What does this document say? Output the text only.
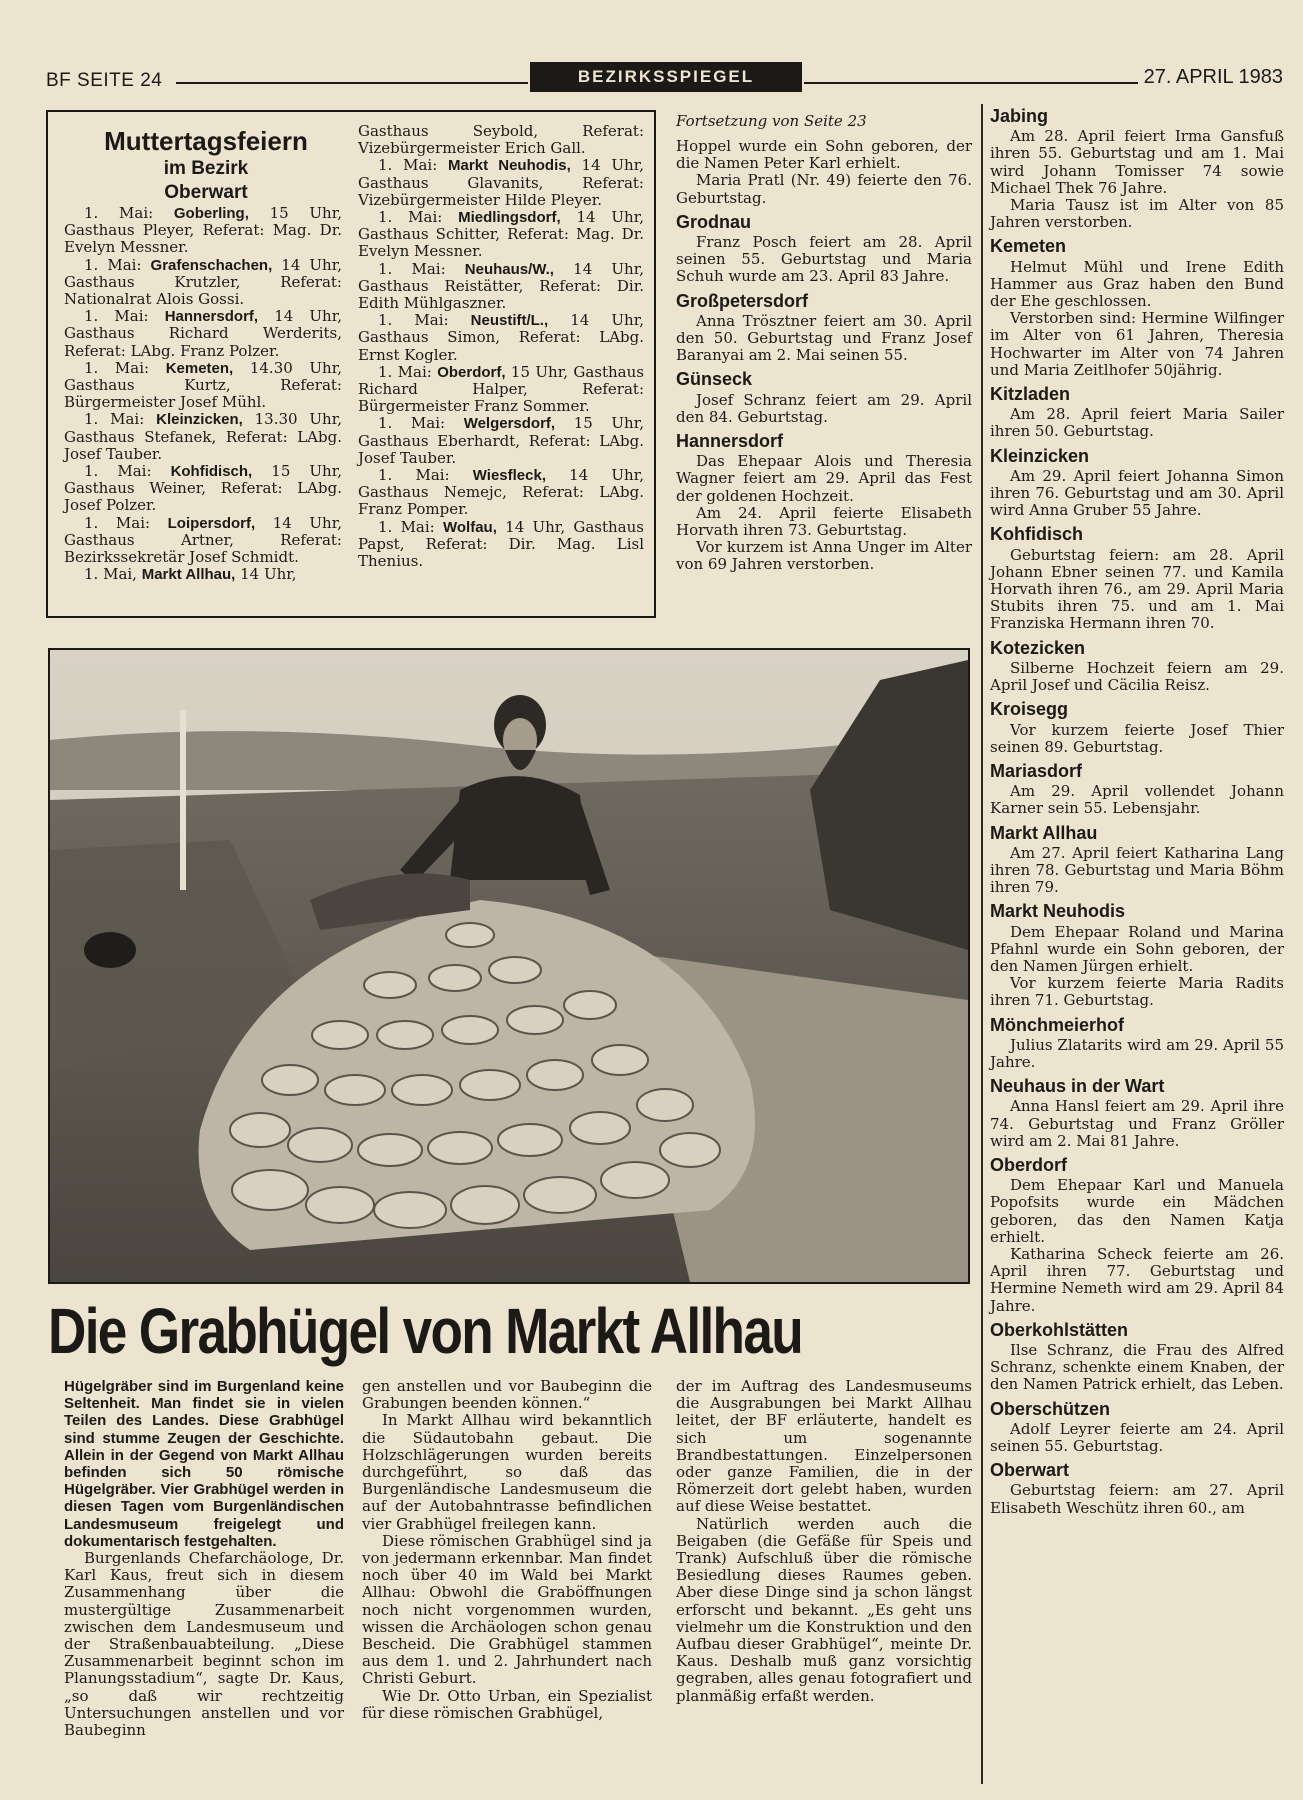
BF SEITE 24	BEZIRKSSPIEGEL	27. APRIL 1983
Muttertagsfeiern
im Bezirk
Oberwart

1. Mai: Goberling, 15 Uhr, Gasthaus Pleyer, Referat: Mag. Dr. Evelyn Messner.

1. Mai: Grafenschachen, 14 Uhr, Gasthaus Krutzler, Referat: Nationalrat Alois Gossi.

1. Mai: Hannersdorf, 14 Uhr, Gasthaus Richard Werderits, Referat: LAbg. Franz Polzer.

1. Mai: Kemeten, 14.30 Uhr, Gasthaus Kurtz, Referat: Bürgermeister Josef Mühl.

1. Mai: Kleinzicken, 13.30 Uhr, Gasthaus Stefanek, Referat: LAbg. Josef Tauber.

1. Mai: Kohfidisch, 15 Uhr, Gasthaus Weiner, Referat: LAbg. Josef Polzer.

1. Mai: Loipersdorf, 14 Uhr, Gasthaus Artner, Referat: Bezirkssekretär Josef Schmidt.

1. Mai, Markt Allhau, 14 Uhr,

Gasthaus Seybold, Referat: Vizebürgermeister Erich Gall.

1. Mai: Markt Neuhodis, 14 Uhr, Gasthaus Glavanits, Referat: Vizebürgermeister Hilde Pleyer.

1. Mai: Miedlingsdorf, 14 Uhr, Gasthaus Schitter, Referat: Mag. Dr. Evelyn Messner.

1. Mai: Neuhaus/W., 14 Uhr, Gasthaus Reistätter, Referat: Dir. Edith Mühlgaszner.

1. Mai: Neustift/L., 14 Uhr, Gasthaus Simon, Referat: LAbg. Ernst Kogler.

1. Mai: Oberdorf, 15 Uhr, Gasthaus Richard Halper, Referat: Bürgermeister Franz Sommer.

1. Mai: Welgersdorf, 15 Uhr, Gasthaus Eberhardt, Referat: LAbg. Josef Tauber.

1. Mai: Wiesfleck, 14 Uhr, Gasthaus Nemejc, Referat: LAbg. Franz Pomper.

1. Mai: Wolfau, 14 Uhr, Gasthaus Papst, Referat: Dir. Mag. Lisl Thenius.

Fortsetzung von Seite 23

Hoppel wurde ein Sohn geboren, der die Namen Peter Karl erhielt.

Maria Pratl (Nr. 49) feierte den 76. Geburtstag.

Grodnau

Franz Posch feiert am 28. April seinen 55. Geburtstag und Maria Schuh wurde am 23. April 83 Jahre.

Großpetersdorf

Anna Trösztner feiert am 30. April den 50. Geburtstag und Franz Josef Baranyai am 2. Mai seinen 55.

Günseck

Josef Schranz feiert am 29. April den 84. Geburtstag.

Hannersdorf

Das Ehepaar Alois und Theresia Wagner feiert am 29. April das Fest der goldenen Hochzeit.

Am 24. April feierte Elisabeth Horvath ihren 73. Geburtstag.

Vor kurzem ist Anna Unger im Alter von 69 Jahren verstorben.

Jabing

Am 28. April feiert Irma Gansfuß ihren 55. Geburtstag und am 1. Mai wird Johann Tomisser 74 sowie Michael Thek 76 Jahre.

Maria Tausz ist im Alter von 85 Jahren verstorben.

Kemeten

Helmut Mühl und Irene Edith Hammer aus Graz haben den Bund der Ehe geschlossen.

Verstorben sind: Hermine Wilfinger im Alter von 61 Jahren, Theresia Hochwarter im Alter von 74 Jahren und Maria Zeitlhofer 50jährig.

Kitzladen

Am 28. April feiert Maria Sailer ihren 50. Geburtstag.

Kleinzicken

Am 29. April feiert Johanna Simon ihren 76. Geburtstag und am 30. April wird Anna Gruber 55 Jahre.

Kohfidisch

Geburtstag feiern: am 28. April Johann Ebner seinen 77. und Kamila Horvath ihren 76., am 29. April Maria Stubits ihren 75. und am 1. Mai Franziska Hermann ihren 70.

Kotezicken

Silberne Hochzeit feiern am 29. April Josef und Cäcilia Reisz.

Kroisegg

Vor kurzem feierte Josef Thier seinen 89. Geburtstag.

Mariasdorf

Am 29. April vollendet Johann Karner sein 55. Lebensjahr.

Markt Allhau

Am 27. April feiert Katharina Lang ihren 78. Geburtstag und Maria Böhm ihren 79.

Markt Neuhodis

Dem Ehepaar Roland und Marina Pfahnl wurde ein Sohn geboren, der den Namen Jürgen erhielt.

Vor kurzem feierte Maria Radits ihren 71. Geburtstag.

Mönchmeierhof

Julius Zlatarits wird am 29. April 55 Jahre.

Neuhaus in der Wart

Anna Hansl feiert am 29. April ihre 74. Geburtstag und Franz Gröller wird am 2. Mai 81 Jahre.

Oberdorf

Dem Ehepaar Karl und Manuela Popofsits wurde ein Mädchen geboren, das den Namen Katja erhielt.

Katharina Scheck feierte am 26. April ihren 77. Geburtstag und Hermine Nemeth wird am 29. April 84 Jahre.

Oberkohlstätten

Ilse Schranz, die Frau des Alfred Schranz, schenkte einem Knaben, der den Namen Patrick erhielt, das Leben.

Oberschützen

Adolf Leyrer feierte am 24. April seinen 55. Geburtstag.

Oberwart

Geburtstag feiern: am 27. April Elisabeth Weschütz ihren 60., am

Die Grabhügel von Markt Allhau

Hügelgräber sind im Burgenland keine Seltenheit. Man findet sie in vielen Teilen des Landes. Diese Grabhügel sind stumme Zeugen der Geschichte. Allein in der Gegend von Markt Allhau befinden sich 50 römische Hügelgräber. Vier Grabhügel werden in diesen Tagen vom Burgenländischen Landesmuseum freigelegt und dokumentarisch festgehalten.

Burgenlands Chefarchäologe, Dr. Karl Kaus, freut sich in diesem Zusammenhang über die mustergültige Zusammenarbeit zwischen dem Landesmuseum und der Straßenbauabteilung. „Diese Zusammenarbeit beginnt schon im Planungsstadium“, sagte Dr. Kaus, „so daß wir rechtzeitig Untersuchungen anstellen und vor Baubeginn

gen anstellen und vor Baubeginn die Grabungen beenden können.“

In Markt Allhau wird bekanntlich die Südautobahn gebaut. Die Holzschlägerungen wurden bereits durchgeführt, so daß das Burgenländische Landesmuseum die auf der Autobahntrasse befindlichen vier Grabhügel freilegen kann.

Diese römischen Grabhügel sind ja von jedermann erkennbar. Man findet noch über 40 im Wald bei Markt Allhau: Obwohl die Graböffnungen noch nicht vorgenommen wurden, wissen die Archäologen schon genau Bescheid. Die Grabhügel stammen aus dem 1. und 2. Jahrhundert nach Christi Geburt.

Wie Dr. Otto Urban, ein Spezialist für diese römischen Grabhügel,

der im Auftrag des Landesmuseums die Ausgrabungen bei Markt Allhau leitet, der BF erläuterte, handelt es sich um sogenannte Brandbestattungen. Einzelpersonen oder ganze Familien, die in der Römerzeit dort gelebt haben, wurden auf diese Weise bestattet.

Natürlich werden auch die Beigaben (die Gefäße für Speis und Trank) Aufschluß über die römische Besiedlung dieses Raumes geben. Aber diese Dinge sind ja schon längst erforscht und bekannt. „Es geht uns vielmehr um die Konstruktion und den Aufbau dieser Grabhügel“, meinte Dr. Kaus. Deshalb muß ganz vorsichtig gegraben, alles genau fotografiert und planmäßig erfaßt werden.
